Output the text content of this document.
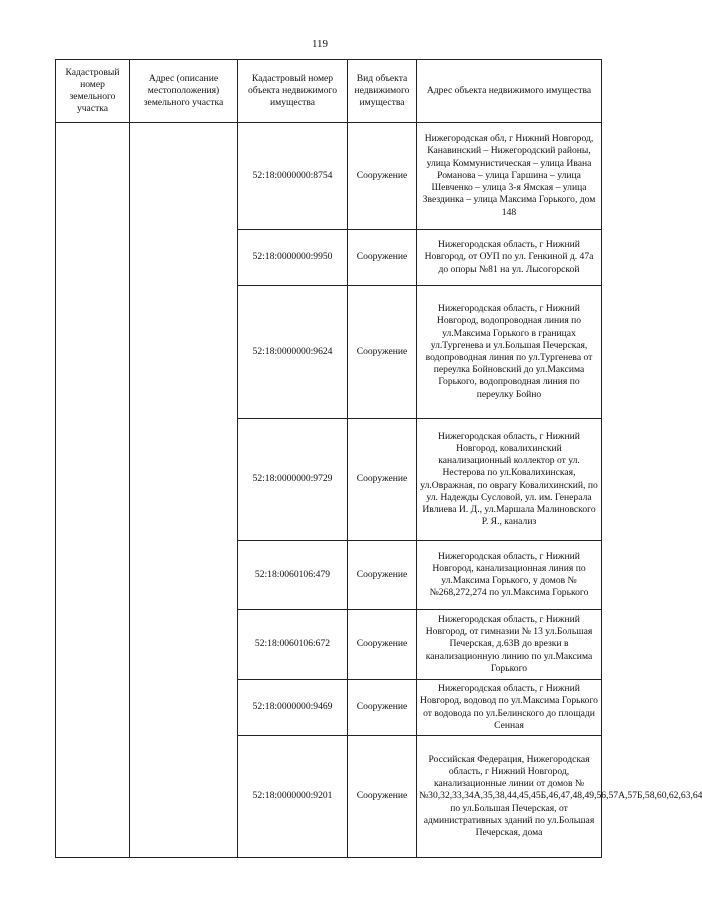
119
Кадастровый номер земельного участка	Адрес (описание местоположения) земельного участка	Кадастровый номер объекта недвижимого имущества	Вид объекта недвижимого имущества	Адрес объекта недвижимого имущества
		52:18:0000000:8754	Сооружение	Нижегородская обл, г Нижний Новгород, Канавинский – Нижегородский районы, улица Коммунистическая – улица Ивана Романова – улица Гаршина – улица Шевченко – улица 3-я Ямская – улица Звездинка – улица Максима Горького, дом 148
		52:18:0000000:9950	Сооружение	Нижегородская область, г Нижний Новгород, от ОУП по ул. Генкиной д. 47а до опоры №81 на ул. Лысогорской
		52:18:0000000:9624	Сооружение	Нижегородская область, г Нижний Новгород, водопроводная линия по ул.Максима Горького в границах ул.Тургенева и ул.Большая Печерская, водопроводная линия по ул.Тургенева от переулка Бойновский до ул.Максима Горького, водопроводная линия по переулку Бойно
		52:18:0000000:9729	Сооружение	Нижегородская область, г Нижний Новгород, ковалихинский канализационный коллектор от ул. Нестерова по ул.Ковалихинская, ул.Овражная, по оврагу Ковалихинский, по ул. Надежды Сусловой, ул. им. Генерала Ивлиева И. Д., ул.Маршала Малиновского Р. Я., канализ
		52:18:0060106:479	Сооружение	Нижегородская область, г Нижний Новгород, канализационная линия по ул.Максима Горького, у домов №№268,272,274 по ул.Максима Горького
		52:18:0060106:672	Сооружение	Нижегородская область, г Нижний Новгород, от гимназии № 13 ул.Большая Печерская, д.63В до врезки в канализационную линию по ул.Максима Горького
		52:18:0000000:9469	Сооружение	Нижегородская область, г Нижний Новгород, водовод по ул.Максима Горького от водовода по ул.Белинского до площади Сенная
		52:18:0000000:9201	Сооружение	Российская Федерация, Нижегородская область, г Нижний Новгород, канализационные линии от домов №№30,32,33,34А,35,38,44,45,45Б,46,47,48,49,56,57А,57Б,58,60,62,63,64 по ул.Большая Печерская, от административных зданий по ул.Большая Печерская, дома
